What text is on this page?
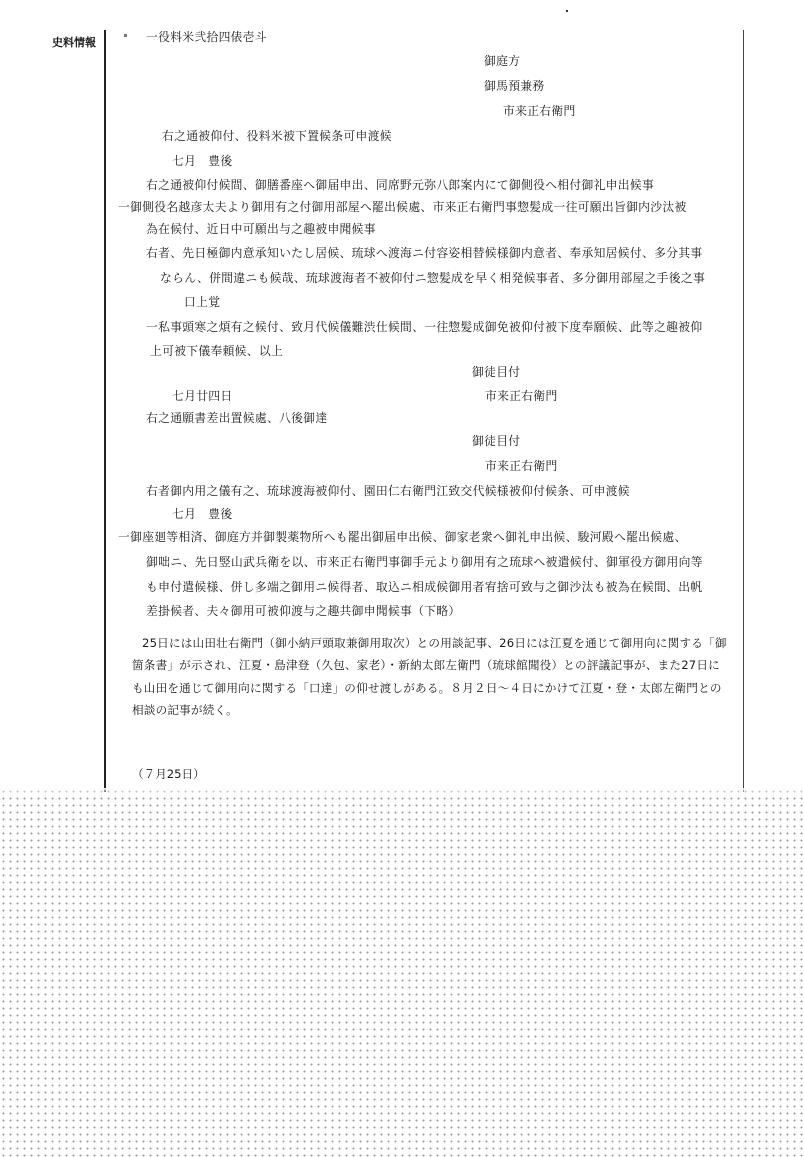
史料情報	一役料米弐拾四俵壱斗
御庭方
御馬預兼務
市来正右衛門
右之通被仰付、役料米被下置候条可申渡候
七月　豊後
右之通被仰付候間、御膳番座へ御届申出、同席野元弥八郎案内にて御側役へ相付御礼申出候事
一御側役名越彦太夫より御用有之付御用部屋へ罷出候處、市来正右衛門事惣髪成一往可願出旨御内沙汰被
為在候付、近日中可願出与之趣被申聞候事
右者、先日極御内意承知いたし居候、琉球へ渡海ニ付容姿相替候様御内意者、奉承知居候付、多分其事
ならん、併間違ニも候哉、琉球渡海者不被仰付ニ惣髪成を早く相発候事者、多分御用部屋之手後之事
口上覚
一私事頭寒之煩有之候付、致月代候儀難渋仕候間、一往惣髪成御免被仰付被下度奉願候、此等之趣被仰
上可被下儀奉頼候、以上
御徒目付
七月廿四日	市来正右衛門
右之通願書差出置候處、八後御達
御徒目付
市来正右衛門
右者御内用之儀有之、琉球渡海被仰付、園田仁右衛門江致交代候様被仰付候条、可申渡候
七月　豊後
一御座廻等相済、御庭方并御製薬物所へも罷出御届申出候、御家老衆へ御礼申出候、駿河殿へ罷出候處、
御咄ニ、先日竪山武兵衛を以、市来正右衛門事御手元より御用有之琉球へ被遣候付、御軍役方御用向等
も申付遣候様、併し多端之御用ニ候得者、取込ニ相成候御用者宥捨可致与之御沙汰も被為在候間、出帆
差掛候者、夫々御用可被仰渡与之趣共御申聞候事（下略）
25日には山田壮右衛門（御小納戸頭取兼御用取次）との用談記事、26日には江夏を通じて御用向に関する「御箇条書」が示され、江夏・島津登（久包、家老）・新納太郎左衛門（琉球館聞役）との評議記事が、また27日にも山田を通じて御用向に関する「口達」の仰せ渡しがある。８月２日～４日にかけて江夏・登・太郎左衛門との相談の記事が続く。
（７月25日）
